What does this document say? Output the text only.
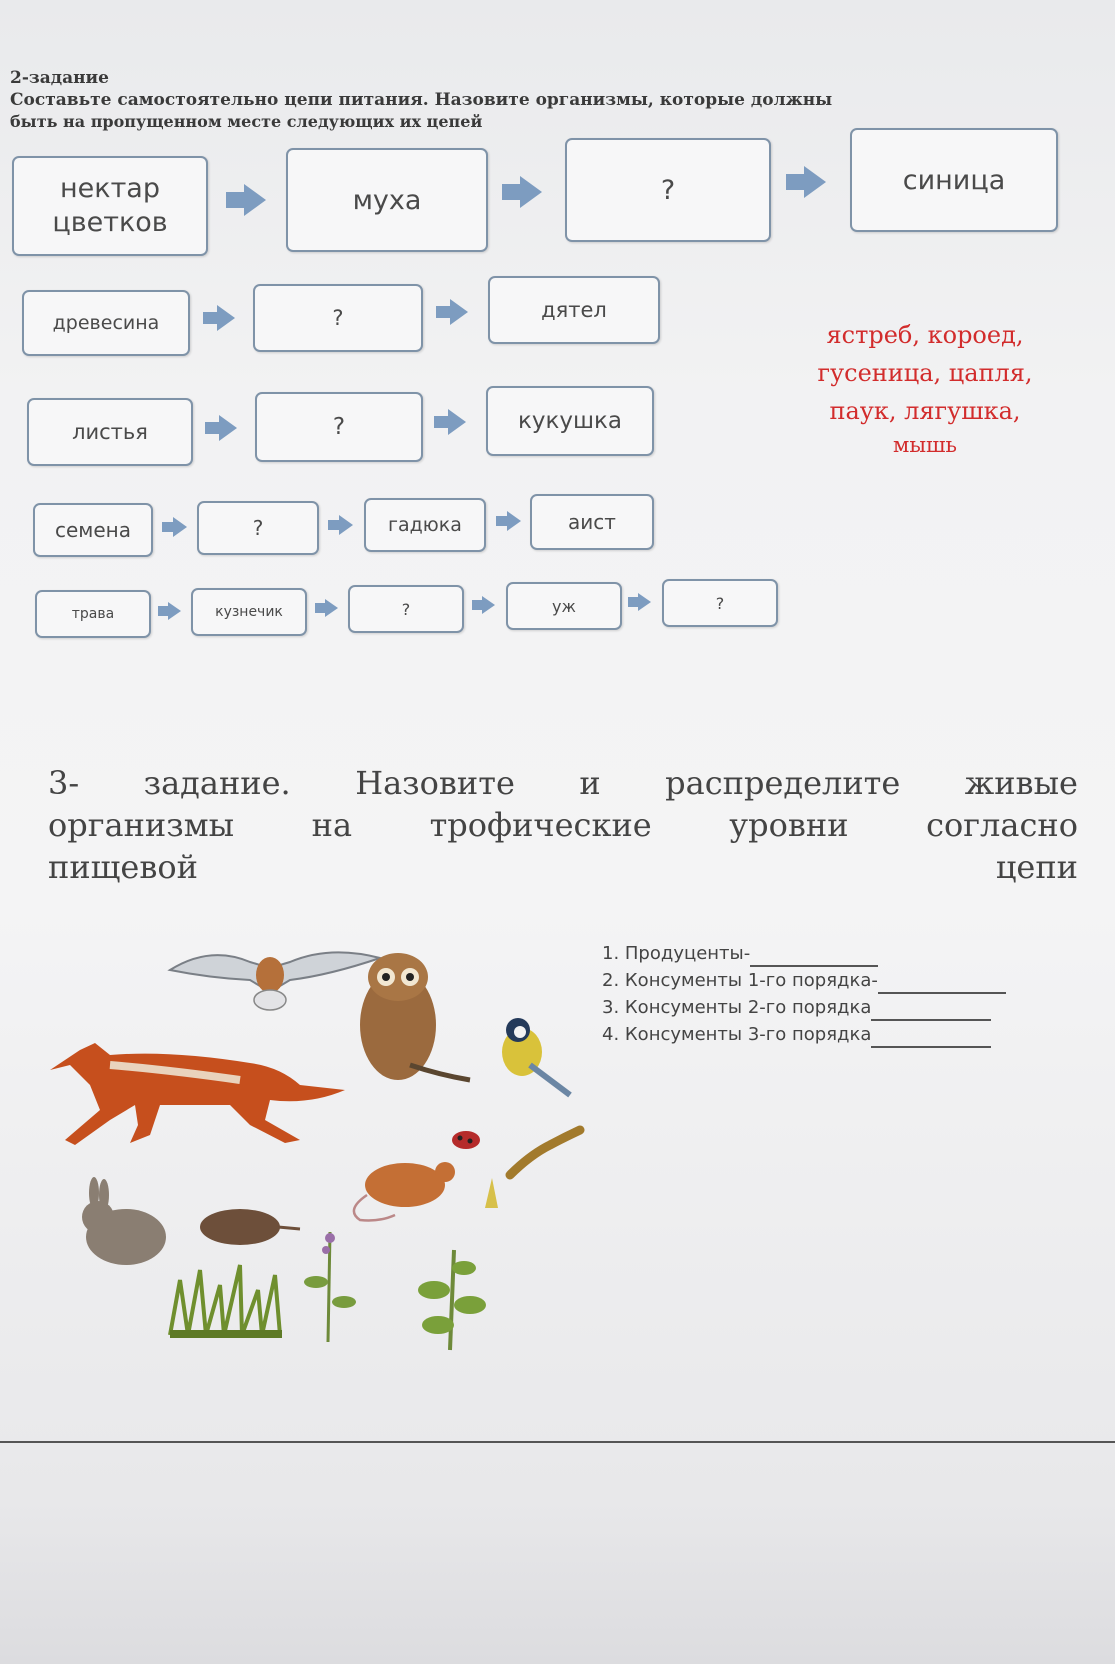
2-задание
Составьте самостоятельно цепи питания. Назовите организмы, которые должны
быть на пропущенном месте следующих их цепей
нектар цветков
муха	?	синица
древесина	?	дятел
листья	?	кукушка
семена	?	гадюка	аист
трава	кузнечик	?	уж	?
ястреб, короед,
гусеница, цапля,
паук, лягушка,
мышь
3- задание. Назовите и распределите живые
организмы на трофические уровни согласно
пищевой	цепи
1. Продуценты-
2. Консументы 1-го порядка-
3. Консументы 2-го порядка
4. Консументы 3-го порядка
